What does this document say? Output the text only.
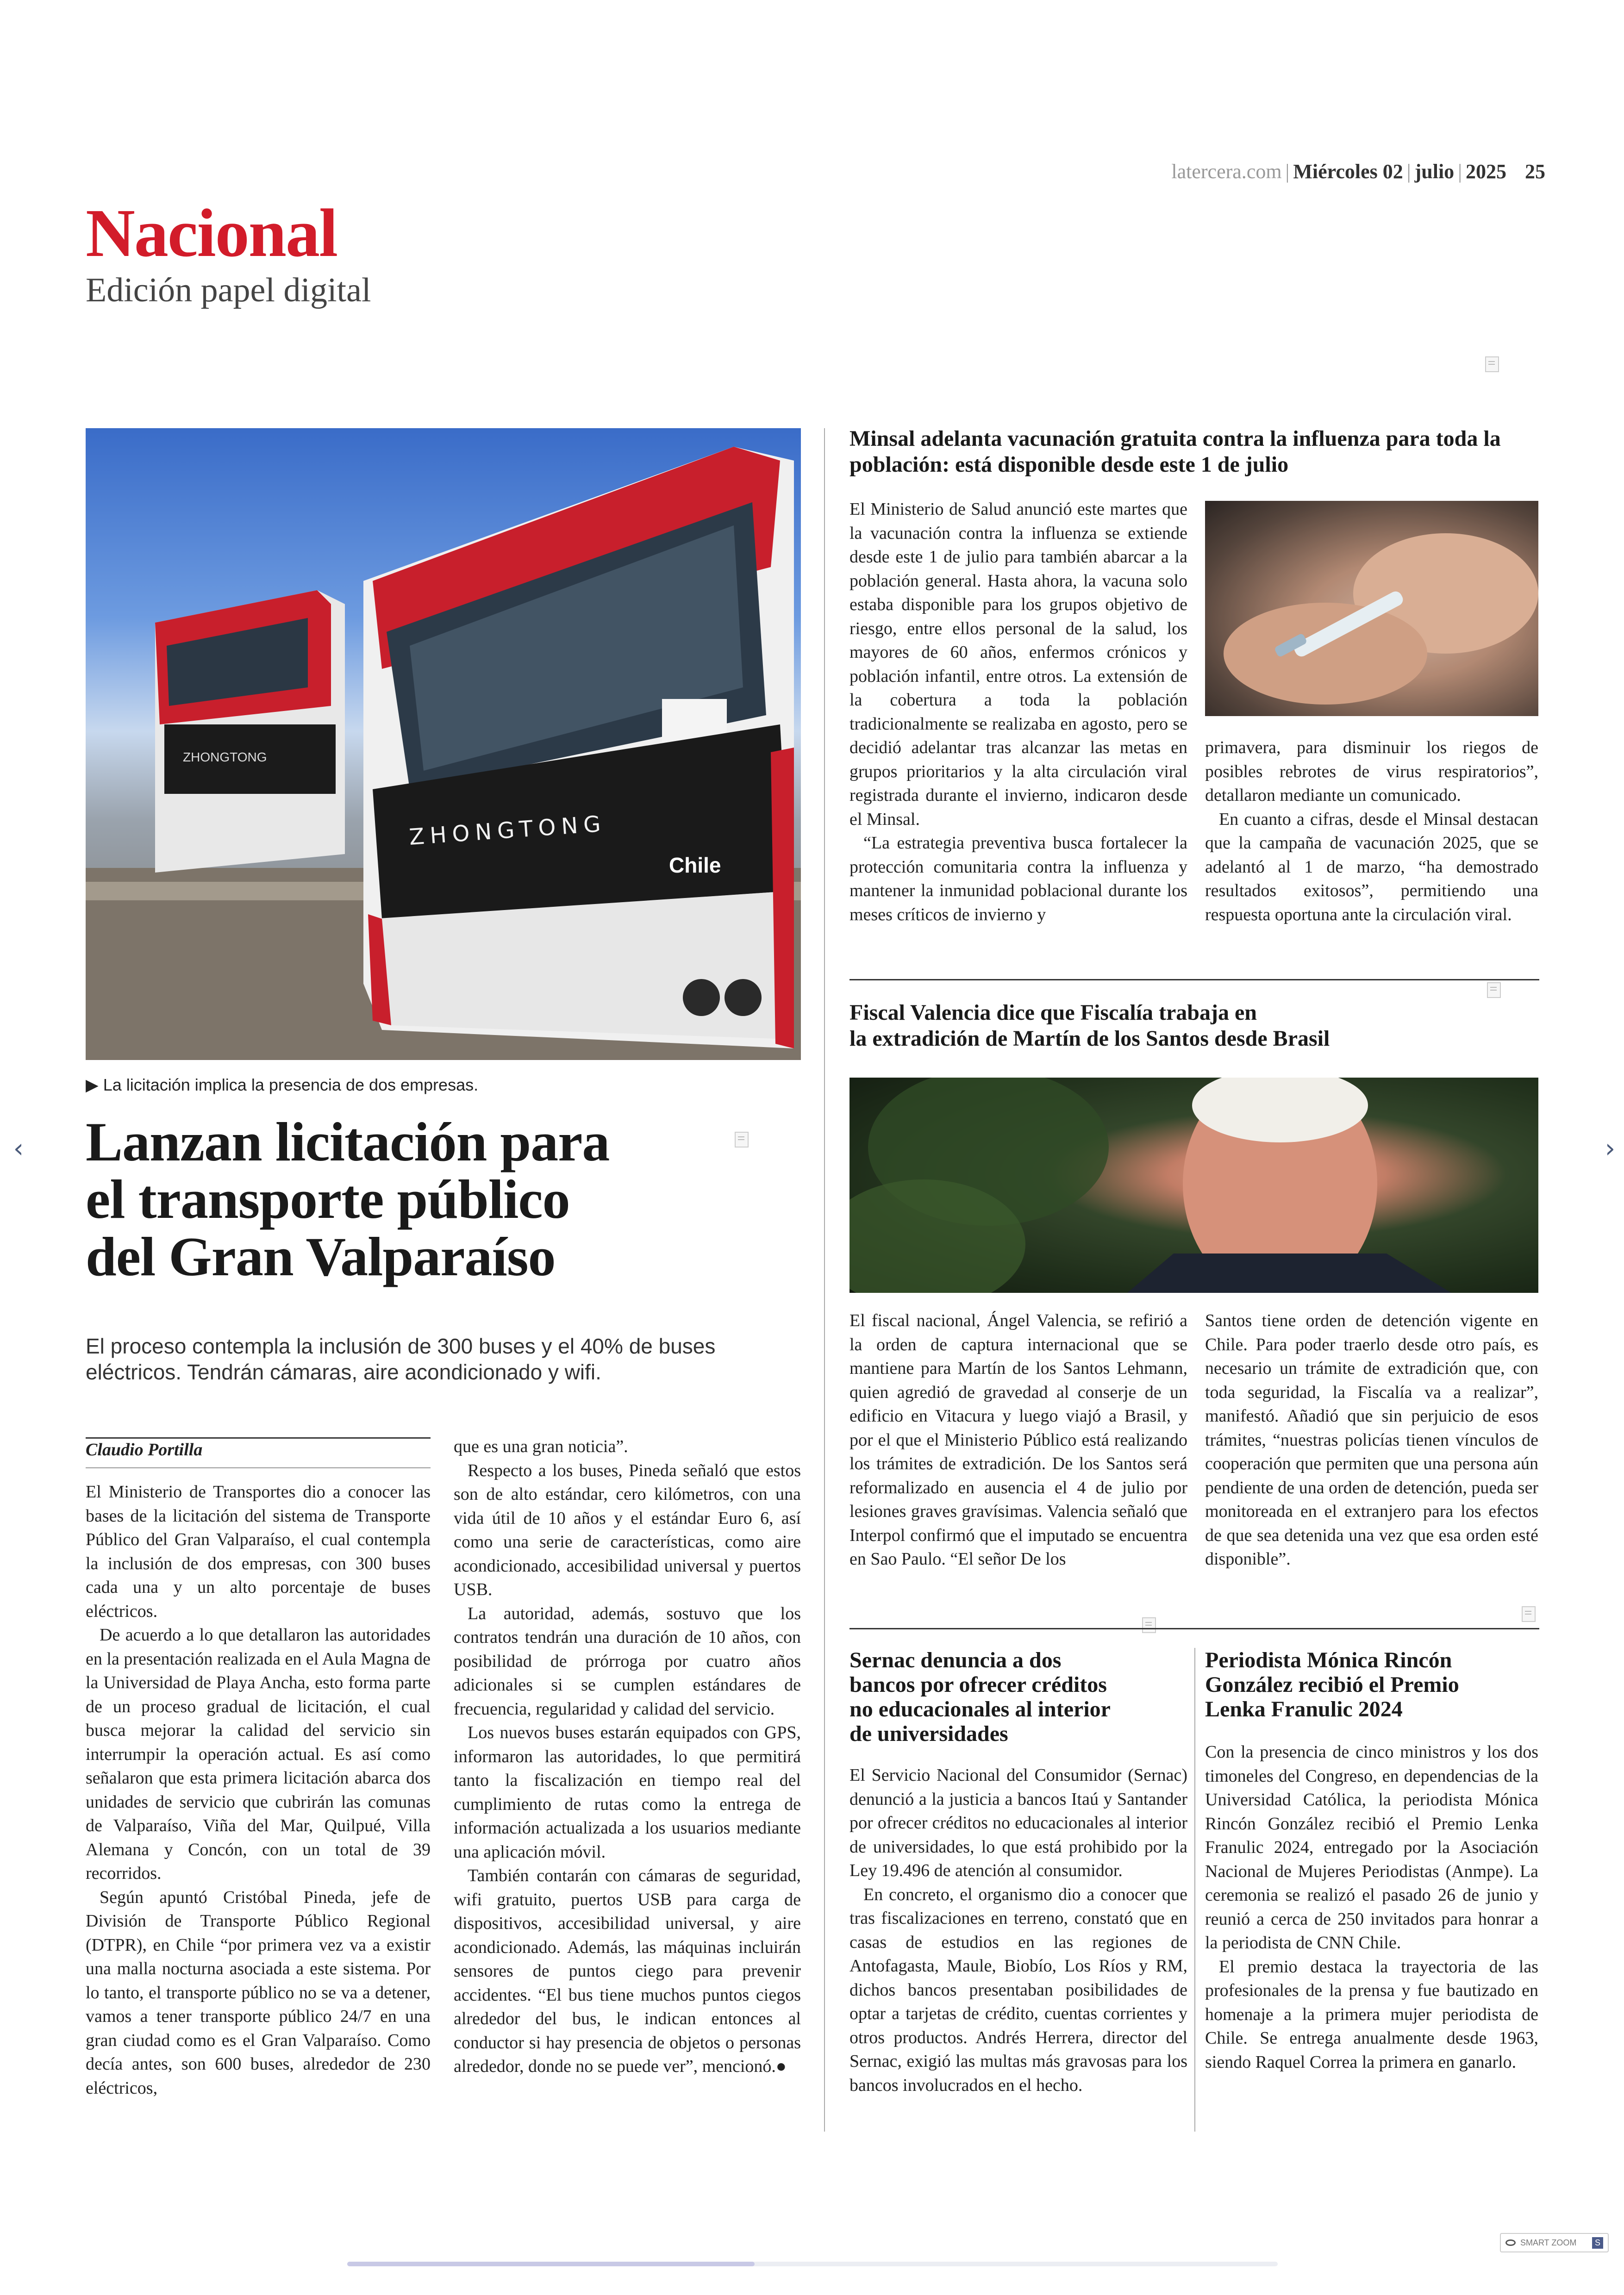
latercera.com | Miércoles 02 | julio | 2025 25
Nacional
Edición papel digital
ZHONGTONG
ZHONGTONG
Chile
▶ La licitación implica la presencia de dos empresas.
Lanzan licitación para
el transporte público
del Gran Valparaíso
El proceso contempla la inclusión de 300 buses y el 40% de buses eléctricos. Tendrán cámaras, aire acondicionado y wifi.
Claudio Portilla

El Ministerio de Transportes dio a conocer las bases de la licitación del sistema de Transporte Público del Gran Valparaíso, el cual contempla la inclusión de dos empresas, con 300 buses cada una y un alto porcentaje de buses eléctricos.

De acuerdo a lo que detallaron las autoridades en la presentación realizada en el Aula Magna de la Universidad de Playa Ancha, esto forma parte de un proceso gradual de licitación, el cual busca mejorar la calidad del servicio sin interrumpir la operación actual. Es así como señalaron que esta primera licitación abarca dos unidades de servicio que cubrirán las comunas de Valparaíso, Viña del Mar, Quilpué, Villa Alemana y Concón, con un total de 39 recorridos.

Según apuntó Cristóbal Pineda, jefe de División de Transporte Público Regional (DTPR), en Chile “por primera vez va a existir una malla nocturna asociada a este sistema. Por lo tanto, el transporte público no se va a detener, vamos a tener transporte público 24/7 en una gran ciudad como es el Gran Valparaíso. Como decía antes, son 600 buses, alrededor de 230 eléctricos,

que es una gran noticia”.

Respecto a los buses, Pineda señaló que estos son de alto estándar, cero kilómetros, con una vida útil de 10 años y el estándar Euro 6, así como una serie de características, como aire acondicionado, accesibilidad universal y puertos USB.

La autoridad, además, sostuvo que los contratos tendrán una duración de 10 años, con posibilidad de prórroga por cuatro años adicionales si se cumplen estándares de frecuencia, regularidad y calidad del servicio.

Los nuevos buses estarán equipados con GPS, informaron las autoridades, lo que permitirá tanto la fiscalización en tiempo real del cumplimiento de rutas como la entrega de información actualizada a los usuarios mediante una aplicación móvil.

También contarán con cámaras de seguridad, wifi gratuito, puertos USB para carga de dispositivos, accesibilidad universal, y aire acondicionado. Además, las máquinas incluirán sensores de puntos ciego para prevenir accidentes. “El bus tiene muchos puntos ciegos alrededor del bus, le indican entonces al conductor si hay presencia de objetos o personas alrededor, donde no se puede ver”, mencionó.●

Minsal adelanta vacunación gratuita contra la influenza para toda la población: está disponible desde este 1 de julio

El Ministerio de Salud anunció este martes que la vacunación contra la influenza se extiende desde este 1 de julio para también abarcar a la población general. Hasta ahora, la vacuna solo estaba disponible para los grupos objetivo de riesgo, entre ellos personal de la salud, los mayores de 60 años, enfermos crónicos y población infantil, entre otros. La extensión de la cobertura a toda la población tradicionalmente se realizaba en agosto, pero se decidió adelantar tras alcanzar las metas en grupos prioritarios y la alta circulación viral registrada durante el invierno, indicaron desde el Minsal.

“La estrategia preventiva busca fortalecer la protección comunitaria contra la influenza y mantener la inmunidad poblacional durante los meses críticos de invierno y

primavera, para disminuir los riegos de posibles rebrotes de virus respiratorios”, detallaron mediante un comunicado.

En cuanto a cifras, desde el Minsal destacan que la campaña de vacunación 2025, que se adelantó al 1 de marzo, “ha demostrado resultados exitosos”, permitiendo una respuesta oportuna ante la circulación viral.

Fiscal Valencia dice que Fiscalía trabaja en
la extradición de Martín de los Santos desde Brasil

El fiscal nacional, Ángel Valencia, se refirió a la orden de captura internacional que se mantiene para Martín de los Santos Lehmann, quien agredió de gravedad al conserje de un edificio en Vitacura y luego viajó a Brasil, y por el que el Ministerio Público está realizando los trámites de extradición. De los Santos será reformalizado en ausencia el 4 de julio por lesiones graves gravísimas. Valencia señaló que Interpol confirmó que el imputado se encuentra en Sao Paulo. “El señor De los

Santos tiene orden de detención vigente en Chile. Para poder traerlo desde otro país, es necesario un trámite de extradición que, con toda seguridad, la Fiscalía va a realizar”, manifestó. Añadió que sin perjuicio de esos trámites, “nuestras policías tienen vínculos de cooperación que permiten que una persona aún pendiente de una orden de detención, pueda ser monitoreada en el extranjero para los efectos de que sea detenida una vez que esa orden esté disponible”.

Sernac denuncia a dos
bancos por ofrecer créditos
no educacionales al interior
de universidades

El Servicio Nacional del Consumidor (Sernac) denunció a la justicia a bancos Itaú y Santander por ofrecer créditos no educacionales al interior de universidades, lo que está prohibido por la Ley 19.496 de atención al consumidor.

En concreto, el organismo dio a conocer que tras fiscalizaciones en terreno, constató que en casas de estudios en las regiones de Antofagasta, Maule, Biobío, Los Ríos y RM, dichos bancos presentaban posibilidades de optar a tarjetas de crédito, cuentas corrientes y otros productos. Andrés Herrera, director del Sernac, exigió las multas más gravosas para los bancos involucrados en el hecho.

Periodista Mónica Rincón
González recibió el Premio
Lenka Franulic 2024

Con la presencia de cinco ministros y los dos timoneles del Congreso, en dependencias de la Universidad Católica, la periodista Mónica Rincón González recibió el Premio Lenka Franulic 2024, entregado por la Asociación Nacional de Mujeres Periodistas (Anmpe). La ceremonia se realizó el pasado 26 de junio y reunió a cerca de 250 invitados para honrar a la periodista de CNN Chile.

El premio destaca la trayectoria de las profesionales de la prensa y fue bautizado en homenaje a la primera mujer periodista de Chile. Se entrega anualmente desde 1963, siendo Raquel Correa la primera en ganarlo.

‹	›
SMART ZOOM	S
